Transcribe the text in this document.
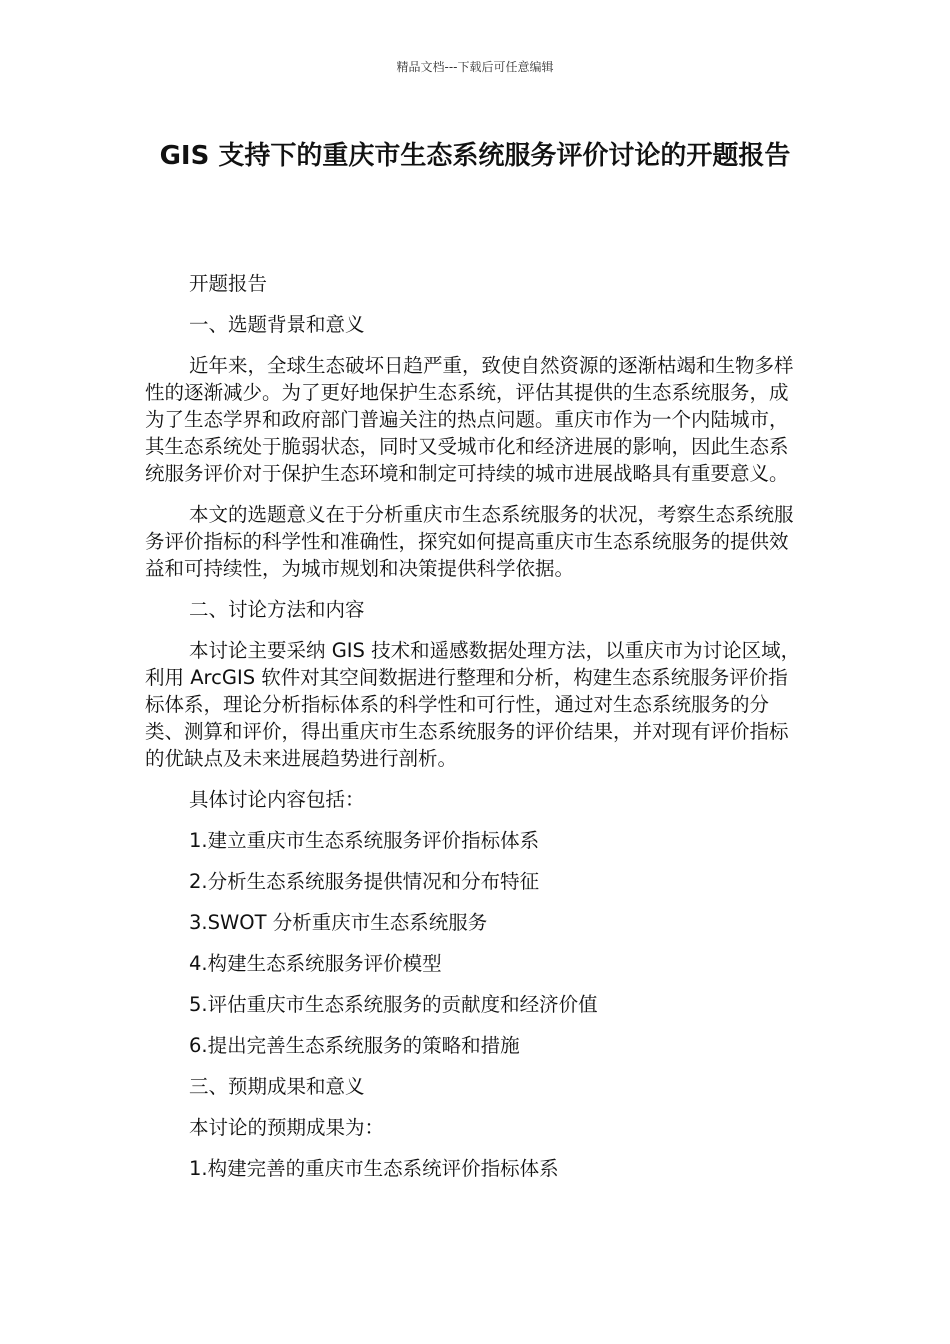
精品文档---下载后可任意编辑
GIS 支持下的重庆市生态系统服务评价讨论的开题报告

开题报告

一、选题背景和意义

近年来，全球生态破坏日趋严重，致使自然资源的逐渐枯竭和生物多样性的逐渐减少。为了更好地保护生态系统，评估其提供的生态系统服务，成为了生态学界和政府部门普遍关注的热点问题。重庆市作为一个内陆城市，其生态系统处于脆弱状态，同时又受城市化和经济进展的影响，因此生态系统服务评价对于保护生态环境和制定可持续的城市进展战略具有重要意义。

本文的选题意义在于分析重庆市生态系统服务的状况，考察生态系统服务评价指标的科学性和准确性，探究如何提高重庆市生态系统服务的提供效益和可持续性，为城市规划和决策提供科学依据。

二、讨论方法和内容

本讨论主要采纳 GIS 技术和遥感数据处理方法，以重庆市为讨论区域，利用 ArcGIS 软件对其空间数据进行整理和分析，构建生态系统服务评价指标体系，理论分析指标体系的科学性和可行性，通过对生态系统服务的分类、测算和评价，得出重庆市生态系统服务的评价结果，并对现有评价指标的优缺点及未来进展趋势进行剖析。

具体讨论内容包括：

1.建立重庆市生态系统服务评价指标体系

2.分析生态系统服务提供情况和分布特征

3.SWOT 分析重庆市生态系统服务

4.构建生态系统服务评价模型

5.评估重庆市生态系统服务的贡献度和经济价值

6.提出完善生态系统服务的策略和措施

三、预期成果和意义

本讨论的预期成果为：

1.构建完善的重庆市生态系统评价指标体系
